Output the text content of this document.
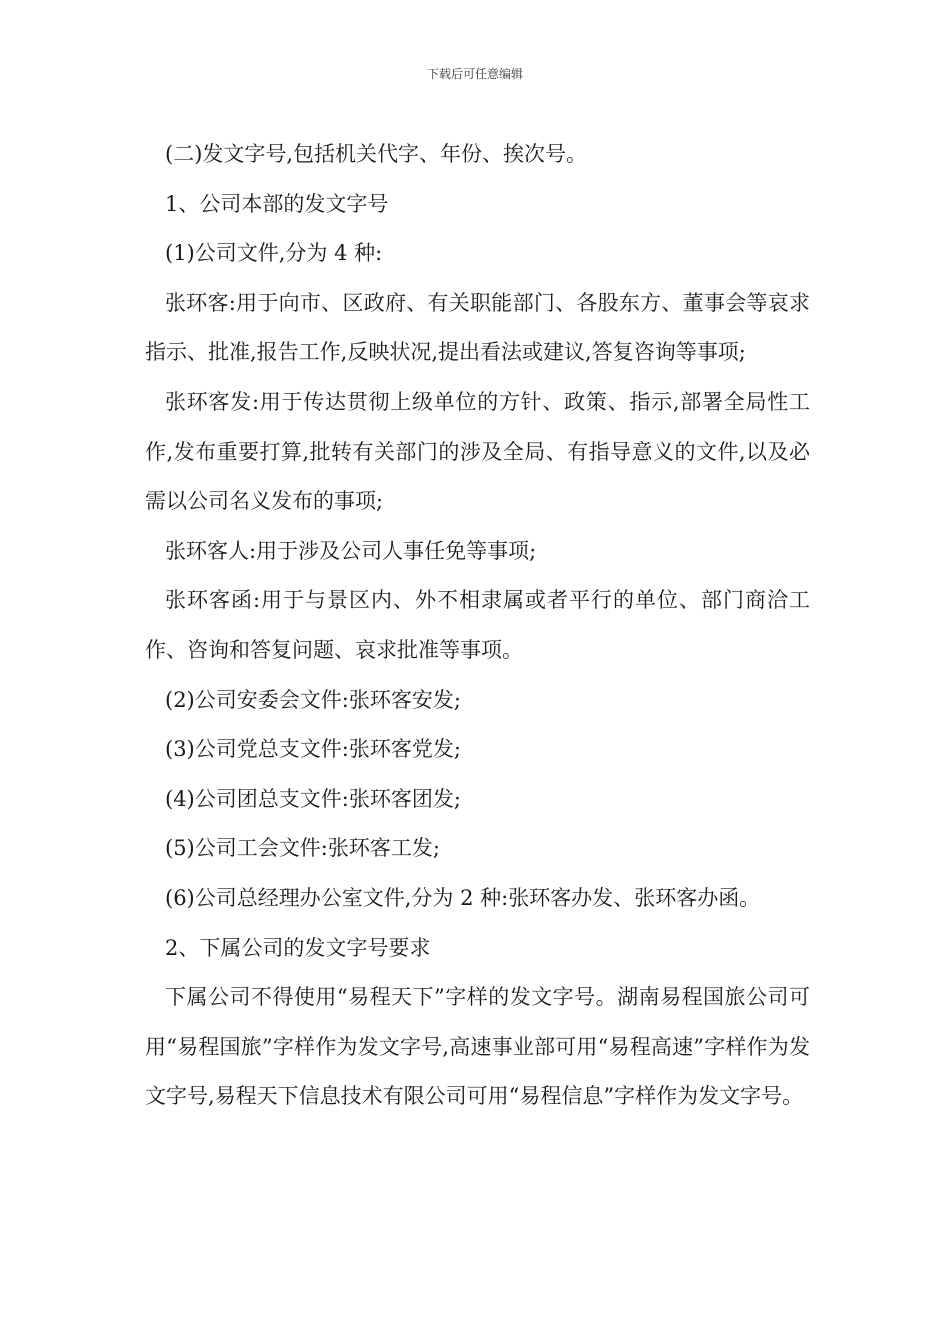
下载后可任意编辑

(二)发文字号,包括机关代字、年份、挨次号。

1、公司本部的发文字号

(1)公司文件,分为 4 种:

张环客:用于向市、区政府、有关职能部门、各股东方、董事会等哀求指示、批准,报告工作,反映状况,提出看法或建议,答复咨询等事项;

张环客发:用于传达贯彻上级单位的方针、政策、指示,部署全局性工作,发布重要打算,批转有关部门的涉及全局、有指导意义的文件,以及必需以公司名义发布的事项;

张环客人:用于涉及公司人事任免等事项;

张环客函:用于与景区内、外不相隶属或者平行的单位、部门商洽工作、咨询和答复问题、哀求批准等事项。

(2)公司安委会文件:张环客安发;

(3)公司党总支文件:张环客党发;

(4)公司团总支文件:张环客团发;

(5)公司工会文件:张环客工发;

(6)公司总经理办公室文件,分为 2 种:张环客办发、张环客办函。

2、下属公司的发文字号要求

下属公司不得使用“易程天下”字样的发文字号。湖南易程国旅公司可用“易程国旅”字样作为发文字号,高速事业部可用“易程高速”字样作为发文字号,易程天下信息技术有限公司可用“易程信息”字样作为发文字号。
